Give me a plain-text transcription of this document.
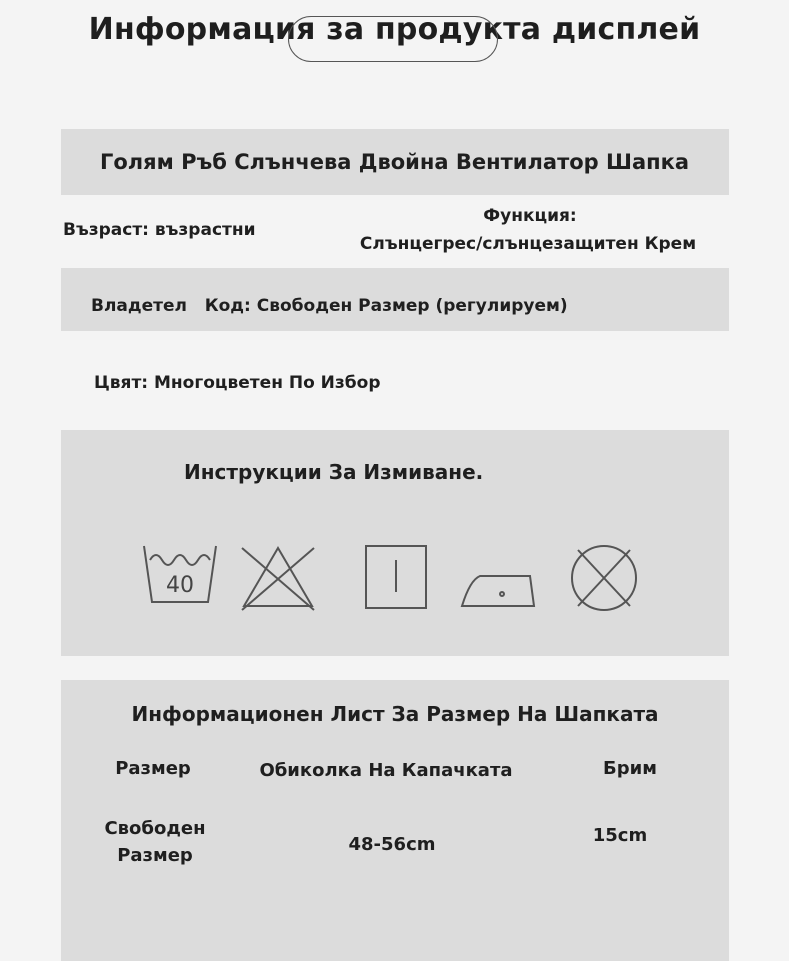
Информация за продукта дисплей
Голям Ръб Слънчева Двойна Вентилатор Шапка
Възраст: възрастни
Функция:
Слънцегрес/слънцезащитен Крем
Владетел   Код: Свободен Размер (регулируем)
Цвят: Многоцветен По Избор
Инструкции За Измиване.
40
Информационен Лист За Размер На Шапката
Размер	Обиколка На Капачката	Брим
Свободен
Размер
48-56cm	15cm
